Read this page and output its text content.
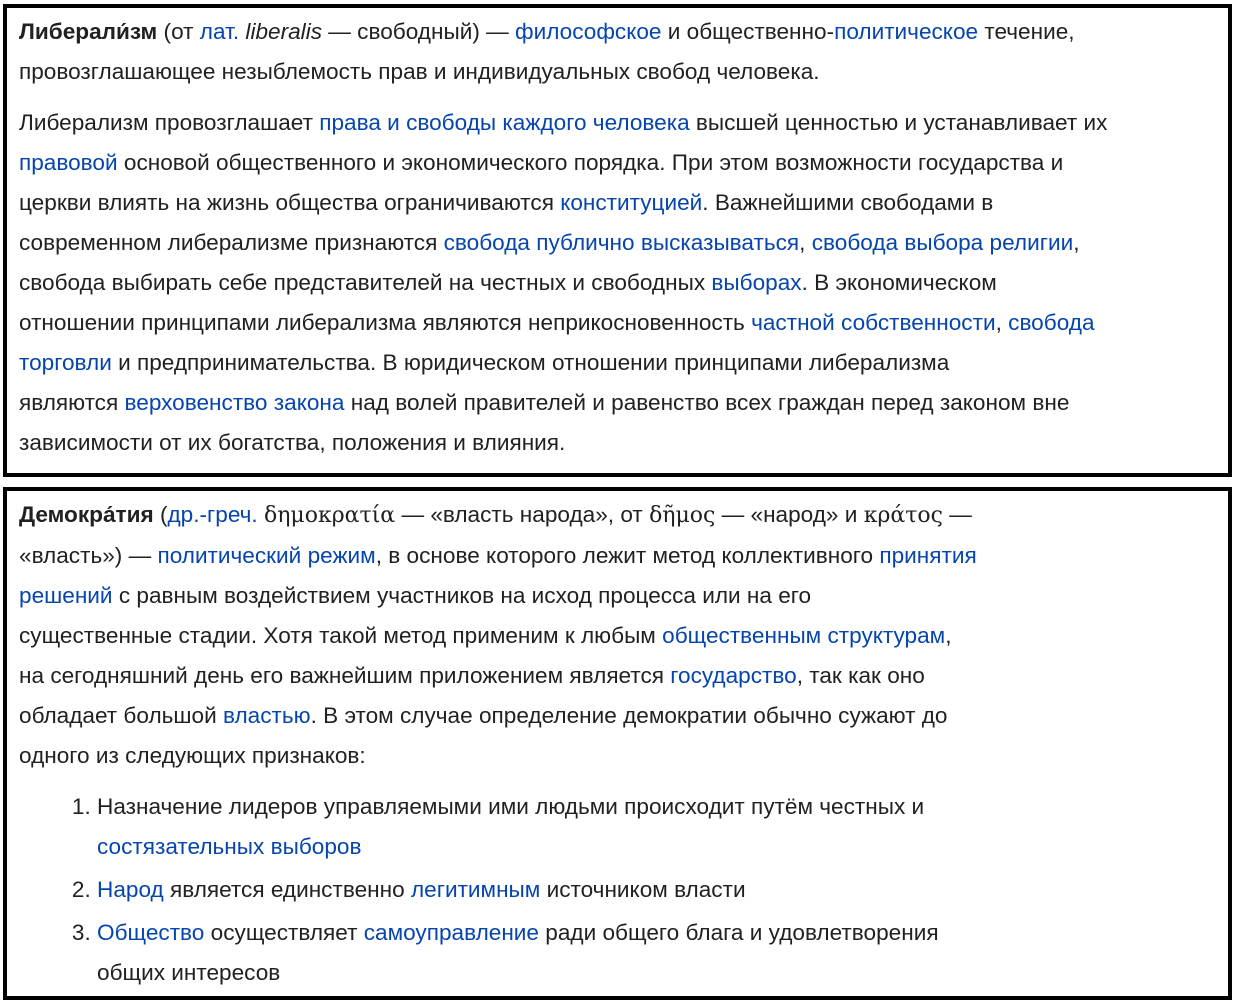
Либерали́зм (от лат. liberalis — свободный) — философское и общественно-политическое течение,
провозглашающее незыблемость прав и индивидуальных свобод человека.

Либерализм провозглашает права и свободы каждого человека высшей ценностью и устанавливает их
правовой основой общественного и экономического порядка. При этом возможности государства и
церкви влиять на жизнь общества ограничиваются конституцией. Важнейшими свободами в
современном либерализме признаются свобода публично высказываться, свобода выбора религии,
свобода выбирать себе представителей на честных и свободных выборах. В экономическом
отношении принципами либерализма являются неприкосновенность частной собственности, свобода
торговли и предпринимательства. В юридическом отношении принципами либерализма
являются верховенство закона над волей правителей и равенство всех граждан перед законом вне
зависимости от их богатства, положения и влияния.

Демокра́тия (др.-греч. δημοκρατία — «власть народа», от δῆμος — «народ» и κράτος —
«власть») — политический режим, в основе которого лежит метод коллективного принятия
решений с равным воздействием участников на исход процесса или на его
существенные стадии. Хотя такой метод применим к любым общественным структурам,
на сегодняшний день его важнейшим приложением является государство, так как оно
обладает большой властью. В этом случае определение демократии обычно сужают до
одного из следующих признаков:

1. Назначение лидеров управляемыми ими людьми происходит путём честных и
состязательных выборов
2. Народ является единственно легитимным источником власти
3. Общество осуществляет самоуправление ради общего блага и удовлетворения
общих интересов
